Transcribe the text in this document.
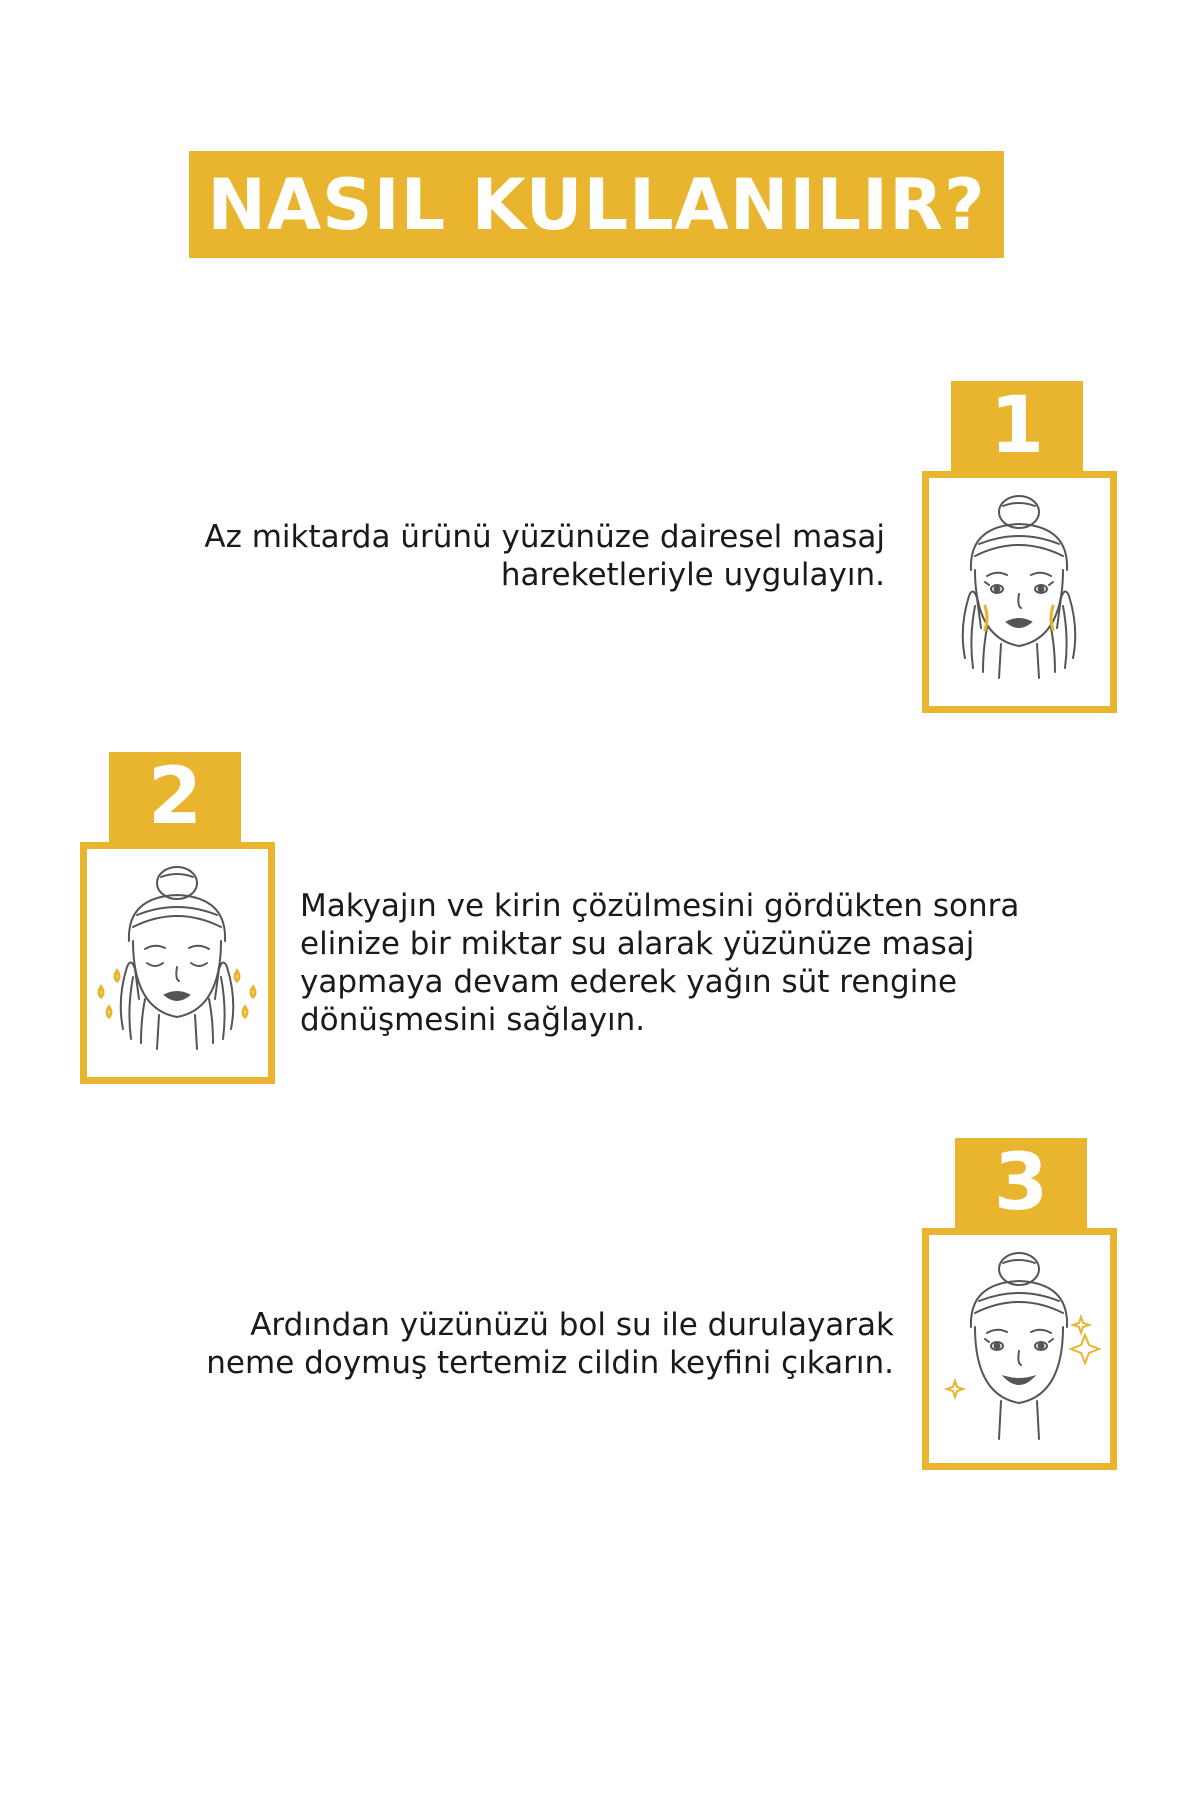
NASIL KULLANILIR?
1
Az miktarda ürünü yüzünüze dairesel masaj
hareketleriyle uygulayın.
2
Makyajın ve kirin çözülmesini gördükten sonra
elinize bir miktar su alarak yüzünüze masaj
yapmaya devam ederek yağın süt rengine
dönüşmesini sağlayın.
3
Ardından yüzünüzü bol su ile durulayarak
neme doymuş tertemiz cildin keyfini çıkarın.
